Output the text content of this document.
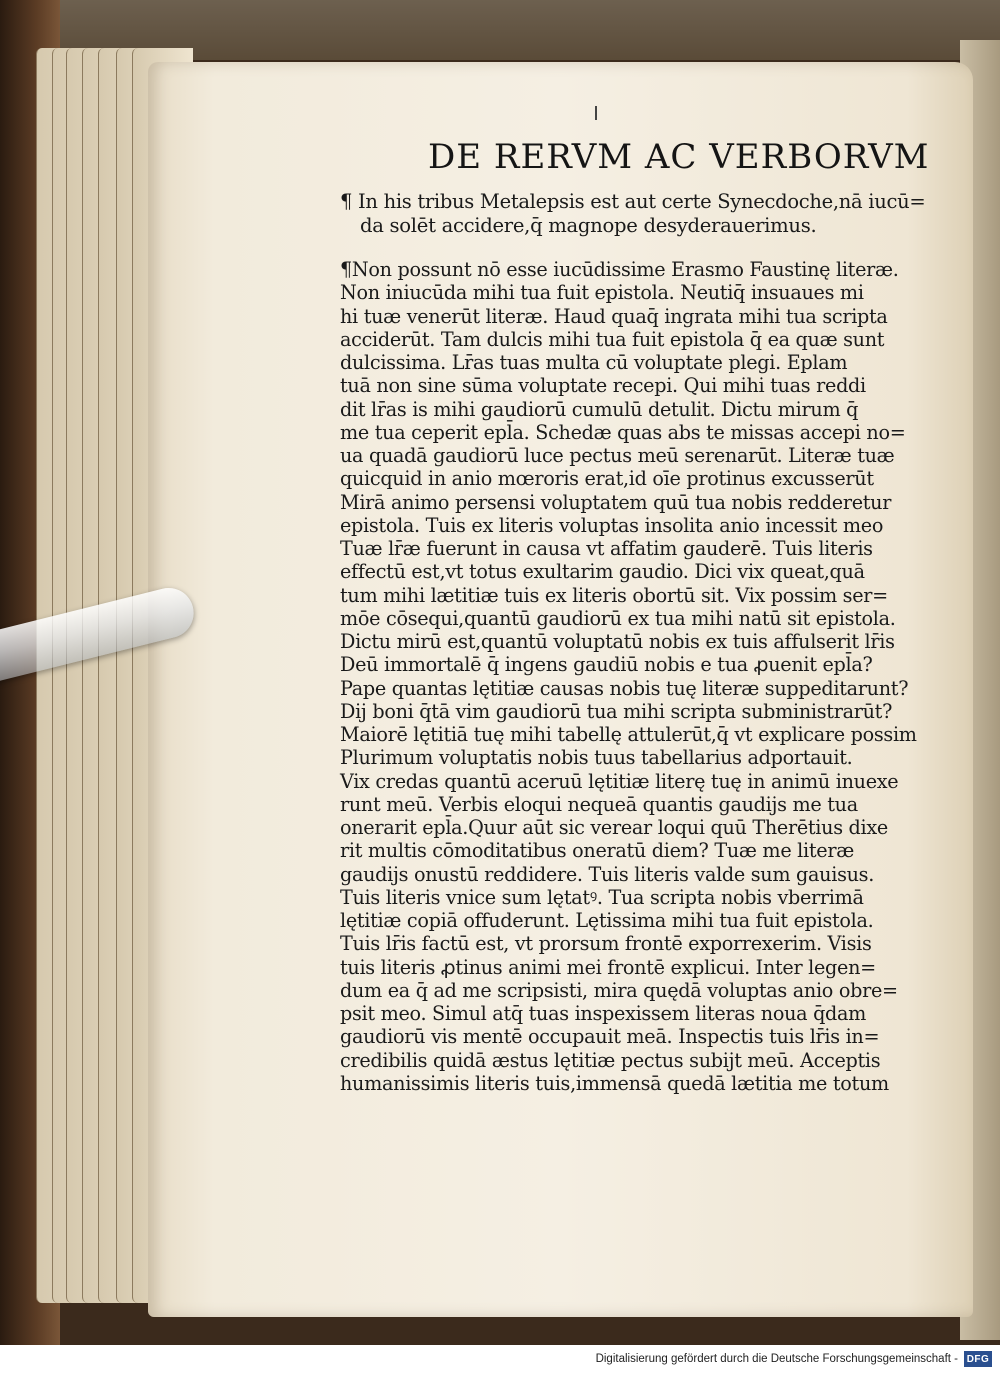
DE RERVM AC VERBORVM
¶ In his tribus Metalepsis est aut certe Synecdoche,nā iucū=
da solēt accidere,q̄ magnope desyderauerimus.
¶Non possunt nō esse iucūdissime Erasmo Faustinę literæ.
Non iniucūda mihi tua fuit epistola. Neutiq̄ insuaues mi
hi tuæ venerūt literæ. Haud quaq̄ ingrata mihi tua scripta
acciderūt. Tam dulcis mihi tua fuit epistola q̄ ea quæ sunt
dulcissima. Lr̄as tuas multa cū voluptate plegi. Eplam
tuā non sine sūma voluptate recepi. Qui mihi tuas reddi
dit lr̄as is mihi gaudiorū cumulū detulit. Dictu mirum q̄
me tua ceperit epl̄a. Schedæ quas abs te missas accepi no=
ua quadā gaudiorū luce pectus meū serenarūt. Literæ tuæ
quicquid in anio mœroris erat,id oīe protinus excusserūt
Mirā animo persensi voluptatem quū tua nobis redderetur
epistola. Tuis ex literis voluptas insolita anio incessit meo
Tuæ lr̄æ fuerunt in causa vt affatim gauderē. Tuis literis
effectū est,vt totus exultarim gaudio. Dici vix queat,quā
tum mihi lætitiæ tuis ex literis obortū sit. Vix possim ser=
mōe cōsequi,quantū gaudiorū ex tua mihi natū sit epistola.
Dictu mirū est,quantū voluptatū nobis ex tuis affulserit lr̄is
Deū immortalē q̄ ingens gaudiū nobis e tua ꝓuenit epl̄a?
Pape quantas lętitiæ causas nobis tuę literæ suppeditarunt?
Dij boni q̄tā vim gaudiorū tua mihi scripta subministrarūt?
Maiorē lętitiā tuę mihi tabellę attulerūt,q̄ vt explicare possim
Plurimum voluptatis nobis tuus tabellarius adportauit.
Vix credas quantū aceruū lętitiæ literę tuę in animū inuexe
runt meū. Verbis eloqui nequeā quantis gaudijs me tua
onerarit epl̄a.Quur aūt sic verear loqui quū Therētius dixe
rit multis cōmoditatibus oneratū diem? Tuæ me literæ
gaudijs onustū reddidere. Tuis literis valde sum gauisus.
Tuis literis vnice sum lętatꝰ. Tua scripta nobis vberrimā
lętitiæ copiā offuderunt. Lętissima mihi tua fuit epistola.
Tuis lr̄is factū est, vt prorsum frontē exporrexerim. Visis
tuis literis ꝓtinus animi mei frontē explicui. Inter legen=
dum ea q̄ ad me scripsisti, mira quędā voluptas anio obre=
psit meo. Simul atq̄ tuas inspexissem literas noua q̄dam
gaudiorū vis mentē occupauit meā. Inspectis tuis lr̄is in=
credibilis quidā æstus lętitiæ pectus subijt meū. Acceptis
humanissimis literis tuis,immensā quedā lætitia me totum
Digitalisierung gefördert durch die Deutsche Forschungsgemeinschaft - DFG
